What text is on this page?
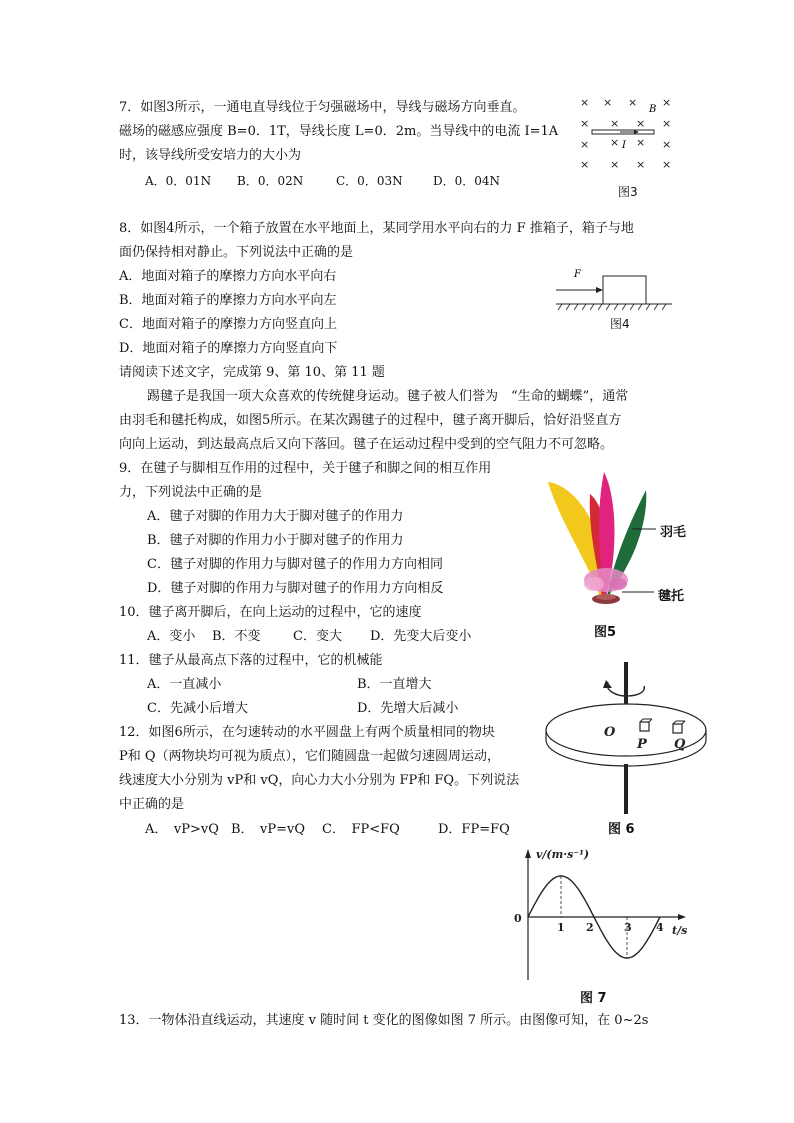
7．如图3所示，一通电直导线位于匀强磁场中，导线与磁场方向垂直。
磁场的磁感应强度 B=0．1T，导线长度 L=0．2m。当导线中的电流 I=1A
时，该导线所受安培力的大小为
A．0．01N B．0．02N	C．0．03N	D．0．04N
× × × ×
× × × ×
× × × ×
× × × ×
B
I
图3
8．如图4所示，一个箱子放置在水平地面上，某同学用水平向右的力 F 推箱子，箱子与地
面仍保持相对静止。下列说法中正确的是
A．地面对箱子的摩擦力方向水平向右
B．地面对箱子的摩擦力方向水平向左
C．地面对箱子的摩擦力方向竖直向上
D．地面对箱子的摩擦力方向竖直向下
F
图4
请阅读下述文字，完成第 9、第 10、第 11 题
踢毽子是我国一项大众喜欢的传统健身运动。毽子被人们誉为　“生命的蝴蝶”，通常
由羽毛和毽托构成，如图5所示。在某次踢毽子的过程中，毽子离开脚后，恰好沿竖直方
向向上运动，到达最高点后又向下落回。毽子在运动过程中受到的空气阻力不可忽略。
9．在毽子与脚相互作用的过程中，关于毽子和脚之间的相互作用
力，下列说法中正确的是
A．毽子对脚的作用力大于脚对毽子的作用力
B．毽子对脚的作用力小于脚对毽子的作用力
C．毽子对脚的作用力与脚对毽子的作用力方向相同
D．毽子对脚的作用力与脚对毽子的作用力方向相反
羽毛
毽托
图5
10．毽子离开脚后，在向上运动的过程中，它的速度
A．变小 B．不变 C．变大 D．先变大后变小
11．毽子从最高点下落的过程中，它的机械能
A．一直减小	B．一直增大
C．先减小后增大	D．先增大后减小
12．如图6所示，在匀速转动的水平圆盘上有两个质量相同的物块
P和 Q（两物块均可视为质点），它们随圆盘一起做匀速圆周运动，
线速度大小分别为 vP和 vQ，向心力大小分别为 FP和 FQ。下列说法
中正确的是
A．　vP>vQ B．　vP=vQ C．　FP<FQ	D．FP=FQ
O
P Q
图 6
v/(m·s⁻¹)
t/s
0
1 2	3 4
图 7
13．一物体沿直线运动，其速度 v 随时间 t 变化的图像如图 7 所示。由图像可知，在 0~2s
